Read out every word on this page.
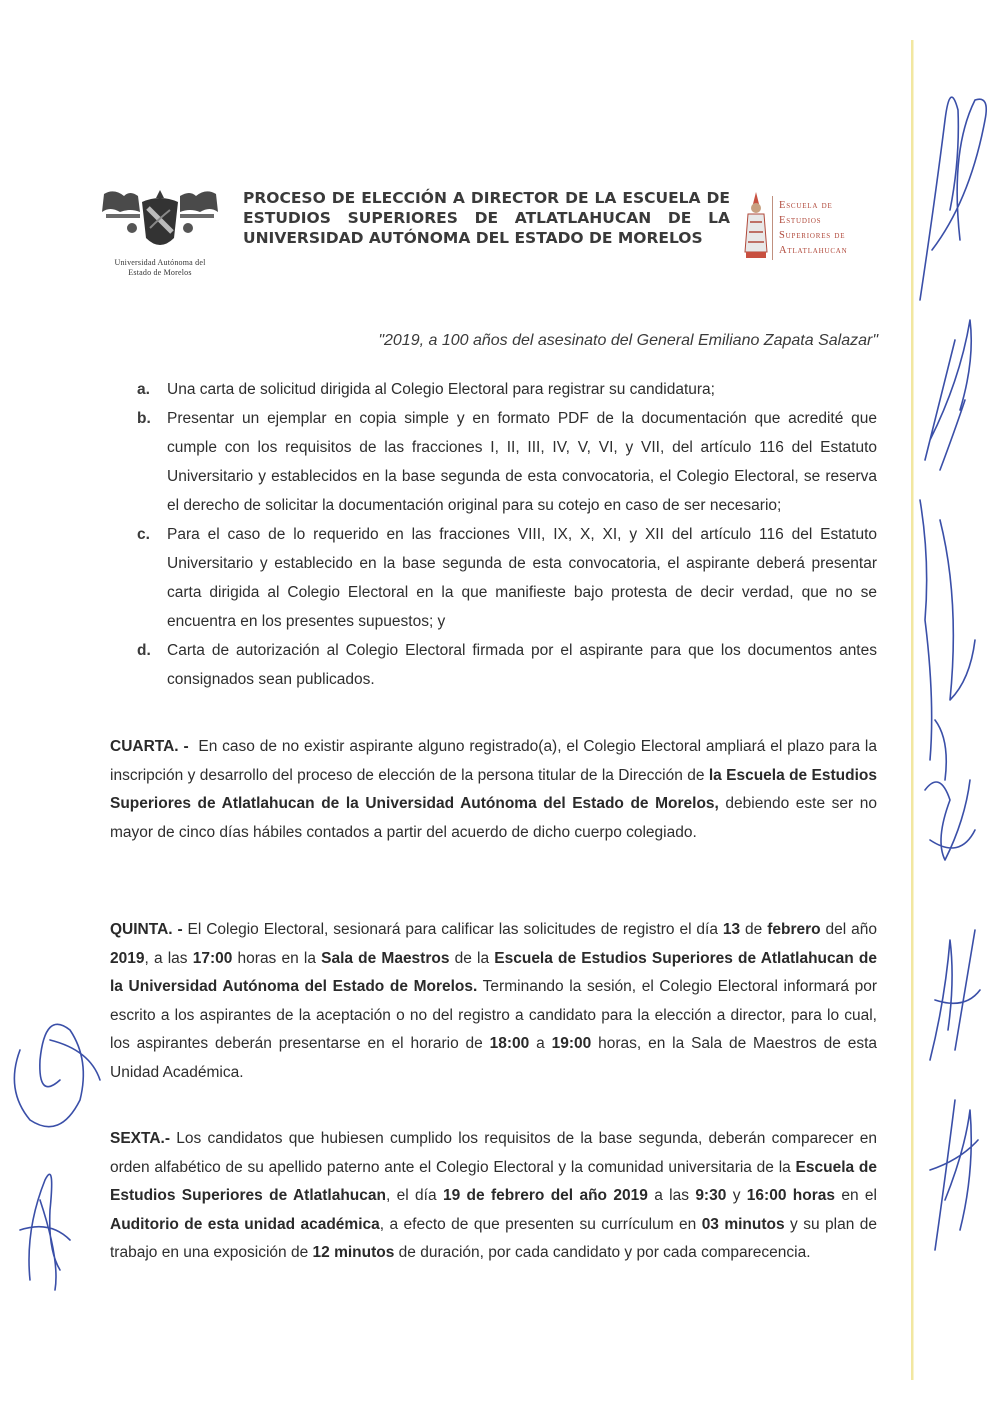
Universidad Autónoma del
Estado de Morelos
PROCESO DE ELECCIÓN A DIRECTOR DE LA ESCUELA DE
ESTUDIOS SUPERIORES DE ATLATLAHUCAN DE LA
UNIVERSIDAD AUTÓNOMA DEL ESTADO DE MORELOS
Escuela de
Estudios
Superiores de
Atlatlahucan
"2019, a 100 años del asesinato del General Emiliano Zapata Salazar"
a.	Una carta de solicitud dirigida al Colegio Electoral para registrar su candidatura;
b.	Presentar un ejemplar en copia simple y en formato PDF de la documentación que acredité que cumple con los requisitos de las fracciones I, II, III, IV, V, VI, y VII, del artículo 116 del Estatuto Universitario y establecidos en la base segunda de esta convocatoria, el Colegio Electoral, se reserva el derecho de solicitar la documentación original para su cotejo en caso de ser necesario;
c.	Para el caso de lo requerido en las fracciones VIII, IX, X, XI, y XII del artículo 116 del Estatuto Universitario y establecido en la base segunda de esta convocatoria, el aspirante deberá presentar carta dirigida al Colegio Electoral en la que manifieste bajo protesta de decir verdad, que no se encuentra en los presentes supuestos; y
d.	Carta de autorización al Colegio Electoral firmada por el aspirante para que los documentos antes consignados sean publicados.
CUARTA. - En caso de no existir aspirante alguno registrado(a), el Colegio Electoral ampliará el plazo para la inscripción y desarrollo del proceso de elección de la persona titular de la Dirección de la Escuela de Estudios Superiores de Atlatlahucan de la Universidad Autónoma del Estado de Morelos, debiendo este ser no mayor de cinco días hábiles contados a partir del acuerdo de dicho cuerpo colegiado.
QUINTA. - El Colegio Electoral, sesionará para calificar las solicitudes de registro el día 13 de febrero del año 2019, a las 17:00 horas en la Sala de Maestros de la Escuela de Estudios Superiores de Atlatlahucan de la Universidad Autónoma del Estado de Morelos. Terminando la sesión, el Colegio Electoral informará por escrito a los aspirantes de la aceptación o no del registro a candidato para la elección a director, para lo cual, los aspirantes deberán presentarse en el horario de 18:00 a 19:00 horas, en la Sala de Maestros de esta Unidad Académica.
SEXTA.- Los candidatos que hubiesen cumplido los requisitos de la base segunda, deberán comparecer en orden alfabético de su apellido paterno ante el Colegio Electoral y la comunidad universitaria de la Escuela de Estudios Superiores de Atlatlahucan, el día 19 de febrero del año 2019 a las 9:30 y 16:00 horas en el Auditorio de esta unidad académica, a efecto de que presenten su currículum en 03 minutos y su plan de trabajo en una exposición de 12 minutos de duración, por cada candidato y por cada comparecencia.
